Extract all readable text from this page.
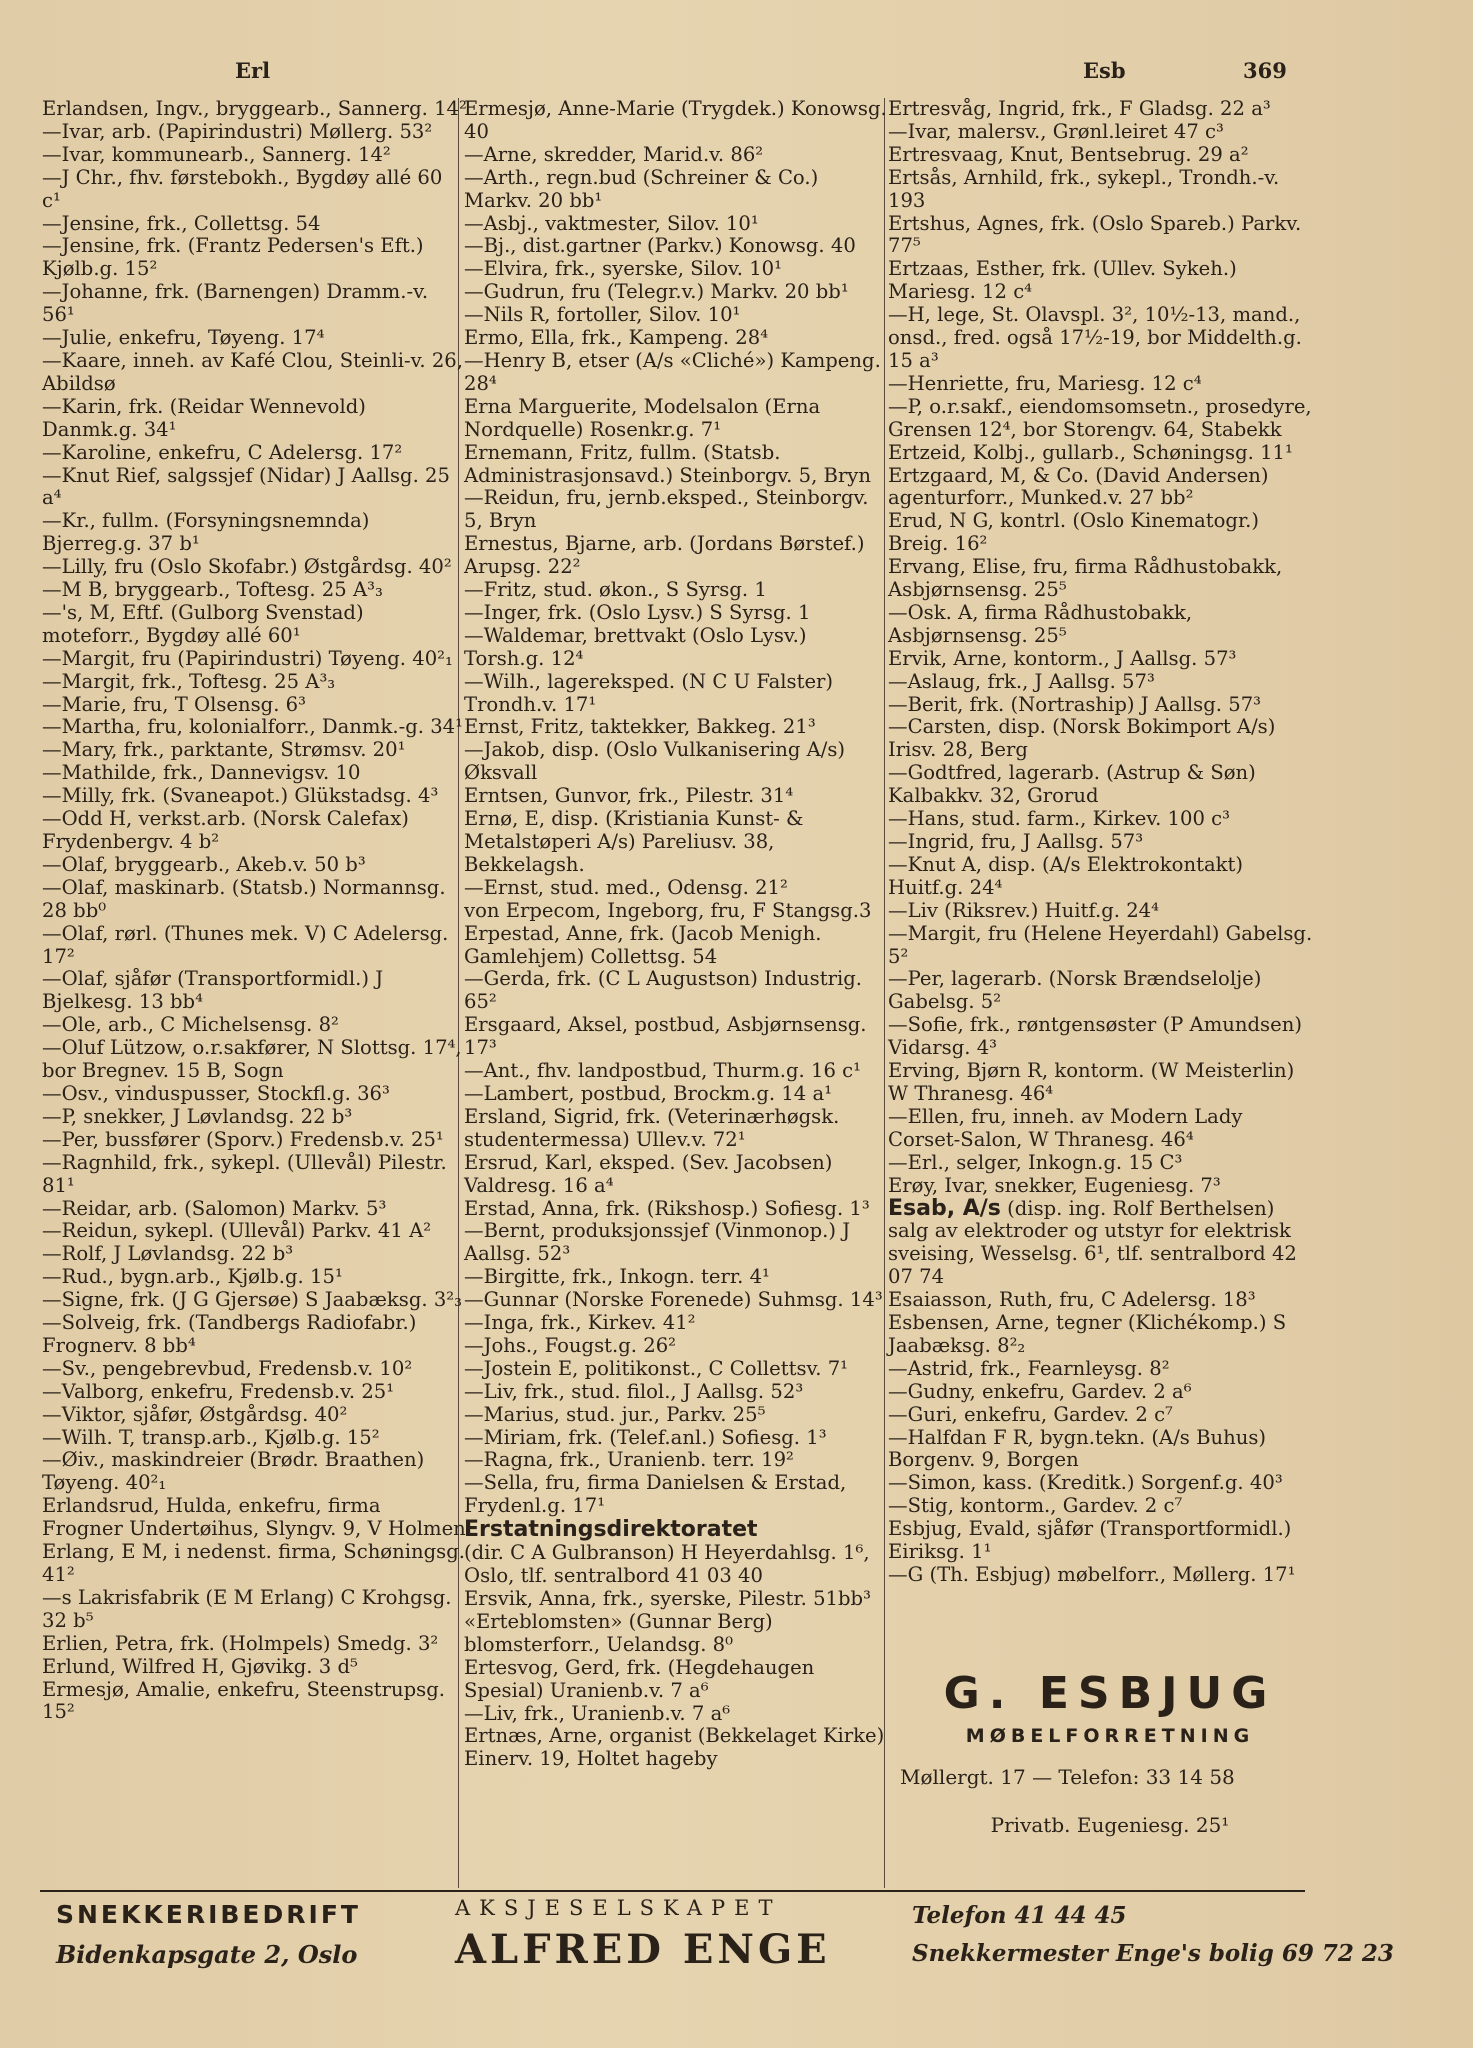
Erl	Esb	369
Erlandsen, Ingv., bryggearb., Sannerg. 14²
—Ivar, arb. (Papirindustri) Møllerg. 53²
—Ivar, kommunearb., Sannerg. 14²
—J Chr., fhv. førstebokh., Bygdøy allé 60 c¹
—Jensine, frk., Collettsg. 54
—Jensine, frk. (Frantz Pedersen's Eft.) Kjølb.g. 15²
—Johanne, frk. (Barnengen) Dramm.-v. 56¹
—Julie, enkefru, Tøyeng. 17⁴
—Kaare, inneh. av Kafé Clou, Steinli-v. 26, Abildsø
—Karin, frk. (Reidar Wennevold) Danmk.g. 34¹
—Karoline, enkefru, C Adelersg. 17²
—Knut Rief, salgssjef (Nidar) J Aallsg. 25 a⁴
—Kr., fullm. (Forsyningsnemnda) Bjerreg.g. 37 b¹
—Lilly, fru (Oslo Skofabr.) Østgårdsg. 40²
—M B, bryggearb., Toftesg. 25 A³₃
—'s, M, Eftf. (Gulborg Svenstad) moteforr., Bygdøy allé 60¹
—Margit, fru (Papirindustri) Tøyeng. 40²₁
—Margit, frk., Toftesg. 25 A³₃
—Marie, fru, T Olsensg. 6³
—Martha, fru, kolonialforr., Danmk.-g. 34¹
—Mary, frk., parktante, Strømsv. 20¹
—Mathilde, frk., Dannevigsv. 10
—Milly, frk. (Svaneapot.) Glükstadsg. 4³
—Odd H, verkst.arb. (Norsk Calefax) Frydenbergv. 4 b²
—Olaf, bryggearb., Akeb.v. 50 b³
—Olaf, maskinarb. (Statsb.) Normannsg. 28 bb⁰
—Olaf, rørl. (Thunes mek. V) C Adelersg. 17²
—Olaf, sjåfør (Transportformidl.) J Bjelkesg. 13 bb⁴
—Ole, arb., C Michelsensg. 8²
—Oluf Lützow, o.r.sakfører, N Slottsg. 17⁴, bor Bregnev. 15 B, Sogn
—Osv., vinduspusser, Stockfl.g. 36³
—P, snekker, J Løvlandsg. 22 b³
—Per, bussfører (Sporv.) Fredensb.v. 25¹
—Ragnhild, frk., sykepl. (Ullevål) Pilestr. 81¹
—Reidar, arb. (Salomon) Markv. 5³
—Reidun, sykepl. (Ullevål) Parkv. 41 A²
—Rolf, J Løvlandsg. 22 b³
—Rud., bygn.arb., Kjølb.g. 15¹
—Signe, frk. (J G Gjersøe) S Jaabæksg. 3²₃
—Solveig, frk. (Tandbergs Radiofabr.) Frognerv. 8 bb⁴
—Sv., pengebrevbud, Fredensb.v. 10²
—Valborg, enkefru, Fredensb.v. 25¹
—Viktor, sjåfør, Østgårdsg. 40²
—Wilh. T, transp.arb., Kjølb.g. 15²
—Øiv., maskindreier (Brødr. Braathen) Tøyeng. 40²₁
Erlandsrud, Hulda, enkefru, firma Frogner Undertøihus, Slyngv. 9, V Holmen
Erlang, E M, i nedenst. firma, Schøningsg. 41²
—s Lakrisfabrik (E M Erlang) C Krohgsg. 32 b⁵
Erlien, Petra, frk. (Holmpels) Smedg. 3²
Erlund, Wilfred H, Gjøvikg. 3 d⁵
Ermesjø, Amalie, enkefru, Steenstrupsg. 15²
Ermesjø, Anne-Marie (Trygdek.) Konowsg. 40
—Arne, skredder, Marid.v. 86²
—Arth., regn.bud (Schreiner & Co.) Markv. 20 bb¹
—Asbj., vaktmester, Silov. 10¹
—Bj., dist.gartner (Parkv.) Konowsg. 40
—Elvira, frk., syerske, Silov. 10¹
—Gudrun, fru (Telegr.v.) Markv. 20 bb¹
—Nils R, fortoller, Silov. 10¹
Ermo, Ella, frk., Kampeng. 28⁴
—Henry B, etser (A/s «Cliché») Kampeng. 28⁴
Erna Marguerite, Modelsalon (Erna Nordquelle) Rosenkr.g. 7¹
Ernemann, Fritz, fullm. (Statsb. Administrasjonsavd.) Steinborgv. 5, Bryn
—Reidun, fru, jernb.eksped., Steinborgv. 5, Bryn
Ernestus, Bjarne, arb. (Jordans Børstef.) Arupsg. 22²
—Fritz, stud. økon., S Syrsg. 1
—Inger, frk. (Oslo Lysv.) S Syrsg. 1
—Waldemar, brettvakt (Oslo Lysv.) Torsh.g. 12⁴
—Wilh., lagereksped. (N C U Falster) Trondh.v. 17¹
Ernst, Fritz, taktekker, Bakkeg. 21³
—Jakob, disp. (Oslo Vulkanisering A/s) Øksvall
Erntsen, Gunvor, frk., Pilestr. 31⁴
Ernø, E, disp. (Kristiania Kunst- & Metalstøperi A/s) Pareliusv. 38, Bekkelagsh.
—Ernst, stud. med., Odensg. 21²
von Erpecom, Ingeborg, fru, F Stangsg.3
Erpestad, Anne, frk. (Jacob Menigh. Gamlehjem) Collettsg. 54
—Gerda, frk. (C L Augustson) Industrig. 65²
Ersgaard, Aksel, postbud, Asbjørnsensg. 17³
—Ant., fhv. landpostbud, Thurm.g. 16 c¹
—Lambert, postbud, Brockm.g. 14 a¹
Ersland, Sigrid, frk. (Veterinærhøgsk. studentermessa) Ullev.v. 72¹
Ersrud, Karl, eksped. (Sev. Jacobsen) Valdresg. 16 a⁴
Erstad, Anna, frk. (Rikshosp.) Sofiesg. 1³
—Bernt, produksjonssjef (Vinmonop.) J Aallsg. 52³
—Birgitte, frk., Inkogn. terr. 4¹
—Gunnar (Norske Forenede) Suhmsg. 14³
—Inga, frk., Kirkev. 41²
—Johs., Fougst.g. 26²
—Jostein E, politikonst., C Collettsv. 7¹
—Liv, frk., stud. filol., J Aallsg. 52³
—Marius, stud. jur., Parkv. 25⁵
—Miriam, frk. (Telef.anl.) Sofiesg. 1³
—Ragna, frk., Uranienb. terr. 19²
—Sella, fru, firma Danielsen & Erstad, Frydenl.g. 17¹
Erstatningsdirektoratet
(dir. C A Gulbranson) H Heyerdahlsg. 1⁶, Oslo, tlf. sentralbord 41 03 40
Ersvik, Anna, frk., syerske, Pilestr. 51bb³
«Erteblomsten» (Gunnar Berg) blomsterforr., Uelandsg. 8⁰
Ertesvog, Gerd, frk. (Hegdehaugen Spesial) Uranienb.v. 7 a⁶
—Liv, frk., Uranienb.v. 7 a⁶
Ertnæs, Arne, organist (Bekkelaget Kirke) Einerv. 19, Holtet hageby
Ertresvåg, Ingrid, frk., F Gladsg. 22 a³
—Ivar, malersv., Grønl.leiret 47 c³
Ertresvaag, Knut, Bentsebrug. 29 a²
Ertsås, Arnhild, frk., sykepl., Trondh.-v. 193
Ertshus, Agnes, frk. (Oslo Spareb.) Parkv. 77⁵
Ertzaas, Esther, frk. (Ullev. Sykeh.) Mariesg. 12 c⁴
—H, lege, St. Olavspl. 3², 10½-13, mand., onsd., fred. også 17½-19, bor Middelth.g. 15 a³
—Henriette, fru, Mariesg. 12 c⁴
—P, o.r.sakf., eiendomsomsetn., prosedyre, Grensen 12⁴, bor Storengv. 64, Stabekk
Ertzeid, Kolbj., gullarb., Schøningsg. 11¹
Ertzgaard, M, & Co. (David Andersen) agenturforr., Munked.v. 27 bb²
Erud, N G, kontrl. (Oslo Kinematogr.) Breig. 16²
Ervang, Elise, fru, firma Rådhustobakk, Asbjørnsensg. 25⁵
—Osk. A, firma Rådhustobakk, Asbjørnsensg. 25⁵
Ervik, Arne, kontorm., J Aallsg. 57³
—Aslaug, frk., J Aallsg. 57³
—Berit, frk. (Nortraship) J Aallsg. 57³
—Carsten, disp. (Norsk Bokimport A/s) Irisv. 28, Berg
—Godtfred, lagerarb. (Astrup & Søn) Kalbakkv. 32, Grorud
—Hans, stud. farm., Kirkev. 100 c³
—Ingrid, fru, J Aallsg. 57³
—Knut A, disp. (A/s Elektrokontakt) Huitf.g. 24⁴
—Liv (Riksrev.) Huitf.g. 24⁴
—Margit, fru (Helene Heyerdahl) Gabelsg. 5²
—Per, lagerarb. (Norsk Brændselolje) Gabelsg. 5²
—Sofie, frk., røntgensøster (P Amundsen) Vidarsg. 4³
Erving, Bjørn R, kontorm. (W Meisterlin) W Thranesg. 46⁴
—Ellen, fru, inneh. av Modern Lady Corset-Salon, W Thranesg. 46⁴
—Erl., selger, Inkogn.g. 15 C³
Erøy, Ivar, snekker, Eugeniesg. 7³
Esab, A/s (disp. ing. Rolf Berthelsen) salg av elektroder og utstyr for elektrisk sveising, Wesselsg. 6¹, tlf. sentralbord 42 07 74
Esaiasson, Ruth, fru, C Adelersg. 18³
Esbensen, Arne, tegner (Klichékomp.) S Jaabæksg. 8²₂
—Astrid, frk., Fearnleysg. 8²
—Gudny, enkefru, Gardev. 2 a⁶
—Guri, enkefru, Gardev. 2 c⁷
—Halfdan F R, bygn.tekn. (A/s Buhus) Borgenv. 9, Borgen
—Simon, kass. (Kreditk.) Sorgenf.g. 40³
—Stig, kontorm., Gardev. 2 c⁷
Esbjug, Evald, sjåfør (Transportformidl.) Eiriksg. 1¹
—G (Th. Esbjug) møbelforr., Møllerg. 17¹
G. ESBJUG
MØBELFORRETNING
Møllergt. 17 — Telefon: 33 14 58
Privatb. Eugeniesg. 25¹
SNEKKERIBEDRIFT
Bidenkapsgate 2, Oslo
AKSJESELSKAPET
ALFRED ENGE
Telefon 41 44 45
Snekkermester Enge's bolig 69 72 23
